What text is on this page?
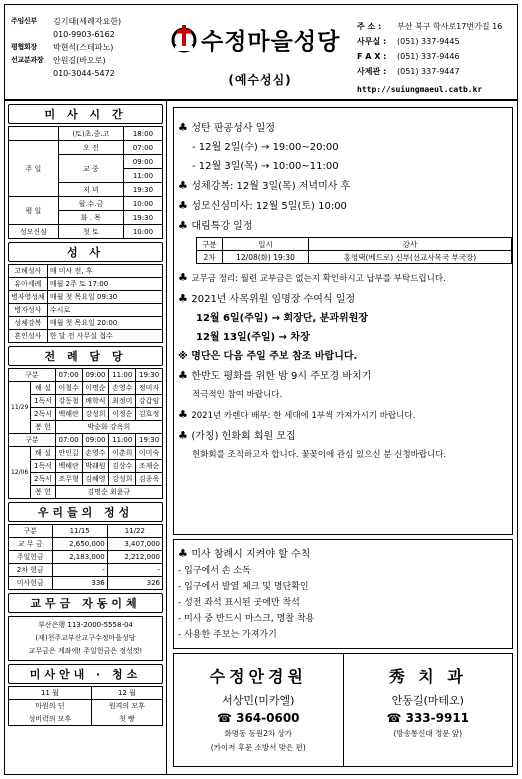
주임신부	김기태(세례자요한)
010-9903-6162
평협회장	박현석(스테파노)
선교분과장	안원길(바오로)
010-3044-5472
수정마을성당
(예수성심)
주 소 :	부산 북구 학사로17번가길 16
사무실 :	(051) 337-9445
F A X :	(051) 337-9446
사제관 :	(051) 337-9447
http://suiungmaeul.catb.kr
미 사 시 간
	(토)초.중.고	18:00
주 일	오 전	07:00
	교 중	09:00
		11:00
	저 녁	19:30
평 일	월.수.금	10:00
	화 . 목	19:30
성모신심	첫 토	10:00
성 사
고해성사	매 미사 전, 후
유아세례	매월 2주 토 17:00
병자영성체	매월 첫 목요일 09:30
병자성사	수시로
성체강복	매월 첫 목요일 20:00
혼인성사	한 달 전 사무실 접수
전 례 담 당
구분		07:00	09:00	11:00	19:30
11/29	해 설	이철수	이명순	손영수	정미자
	1독서	강동철	배학식	최정미	강갑임
	2독서	백해란	강성희	이정순	김효정
	봉 헌	박순화 강옥희			
구분		07:00	09:00	11:00	19:30
12/06	해 설	안인길	손영수	이춘희	이미숙
	1독서	백해란	박래원	김상수	조재순
	2독서	조무형	김혜영	강성희	김종욱
	봉 헌	김명순 최윤규			
우리들의 정성
구분	11/15	11/22
교 무 금	2,650,000	3,407,000
주일헌금	2,183,000	2,212,000
2차 헌금	-	-
미사헌금	336	326
교무금 자동이체
부산은행 113-2000-5558-04
(재)천주교부산교구수정마을성당
교무금은 계좌에! 주일헌금은 정성껏!
미사안내 · 청소
11 월	12 월
마원의 딘	원격의 모후
성비력의 모후	첫 빵
♣ 성탄 판공성사 일정
- 12월 2일(수) → 19:00~20:00
- 12월 3일(목) → 10:00~11:00
♣ 성체강복: 12월 3일(목) 저녁미사 후
♣ 성모신심미사: 12월 5일(토) 10:00
♣ 대림특강 일정
구분	일시	강사
2차	12/08(화) 19:30	홍영택(베드로) 신부(선교사목국 부국장)
♣ 교무금 정리: 월련 교부금은 없는지 확인하시고 납부를 부탁드립니다.
♣ 2021년 사목위원 임명장 수여식 일정
12월 6일(주일) → 회장단, 분과위원장
12월 13일(주일) → 차장
※ 명단은 다음 주일 주보 참조 바랍니다.
♣ 한반도 평화를 위한 밤 9시 주모경 바치기
적극적인 참여 바랍니다.
♣ 2021년 카렌다 배부: 한 세대에 1부씩 가져가시기 바랍니다.
♣ (가칭) 헌화회 회원 모집
헌화회를 조직하고자 합니다. 꽃꽂이에 관심 있으신 분 신청바랍니다.
♣ 미사 참례시 지켜야 할 수칙
- 입구에서 손 소독
- 입구에서 발열 체크 및 명단확인
- 성전 좌석 표시된 곳에만 착석
- 미사 중 반드시 마스크, 명찰 착용
- 사용한 주보는 가져가기
수정안경원
서상민(미카엘)
☎ 364-0600
화명동 동원2차 상가
(카이저 후문 소방서 맞은 편)
秀 치 과
안동길(마테오)
☎ 333-9911
(방송통신대 정문 앞)
